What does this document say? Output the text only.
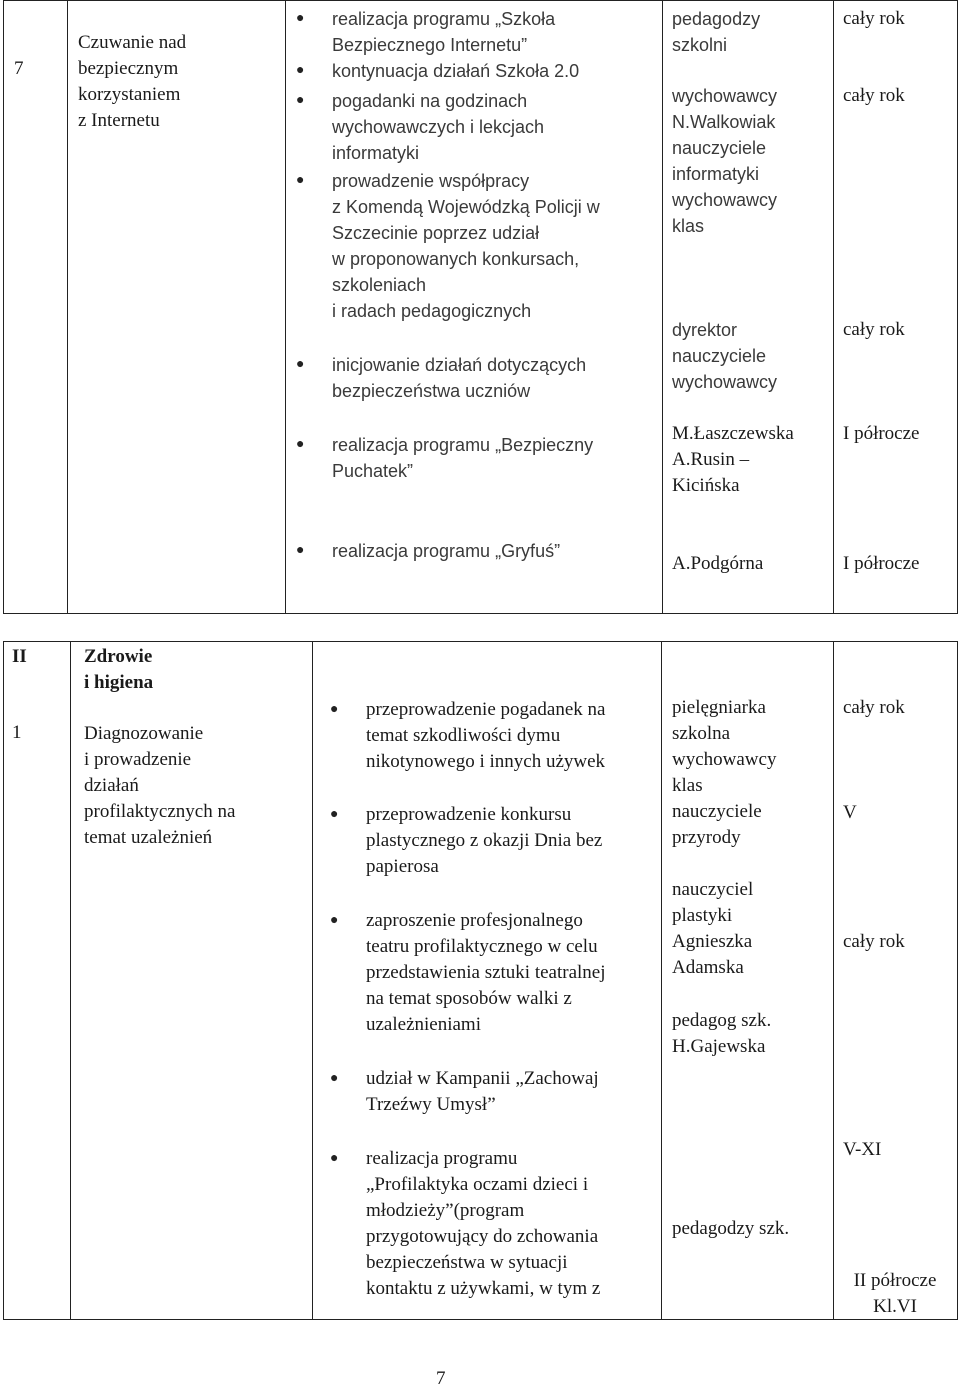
7
Czuwanie nad
bezpiecznym
korzystaniem
z Internetu
● realizacja programu „Szkoła
Bezpiecznego Internetu”
● kontynuacja działań Szkoła 2.0
● pogadanki na godzinach
wychowawczych i lekcjach
informatyki
● prowadzenie współpracy
z Komendą Wojewódzką Policji w
Szczecinie poprzez udział
w proponowanych konkursach,
szkoleniach
i radach pedagogicznych
● inicjowanie działań dotyczących
bezpieczeństwa uczniów
● realizacja programu „Bezpieczny
Puchatek”
● realizacja programu „Gryfuś”
pedagodzy
szkolni
wychowawcy
N.Walkowiak
nauczyciele
informatyki
wychowawcy
klas
dyrektor
nauczyciele
wychowawcy
M.Łaszczewska
A.Rusin –
Kicińska
A.Podgórna
cały rok
cały rok
cały rok
I półrocze
I półrocze
II
1
Zdrowie
i higiena
Diagnozowanie
i prowadzenie
działań
profilaktycznych na
temat uzależnień
● przeprowadzenie pogadanek na
temat szkodliwości dymu
nikotynowego i innych używek
● przeprowadzenie konkursu
plastycznego z okazji Dnia bez
papierosa
● zaproszenie profesjonalnego
teatru profilaktycznego w celu
przedstawienia sztuki teatralnej
na temat sposobów walki z
uzależnieniami
● udział w Kampanii „Zachowaj
Trzeźwy Umysł”
● realizacja programu
„Profilaktyka oczami dzieci i
młodzieży”(program
przygotowujący do zchowania
bezpieczeństwa w sytuacji
kontaktu z używkami, w tym z
pielęgniarka
szkolna
wychowawcy
klas
nauczyciele
przyrody
nauczyciel
plastyki
Agnieszka
Adamska
pedagog szk.
H.Gajewska
pedagodzy szk.
cały rok
V
cały rok
V-XI
II półrocze
Kl.VI
7
